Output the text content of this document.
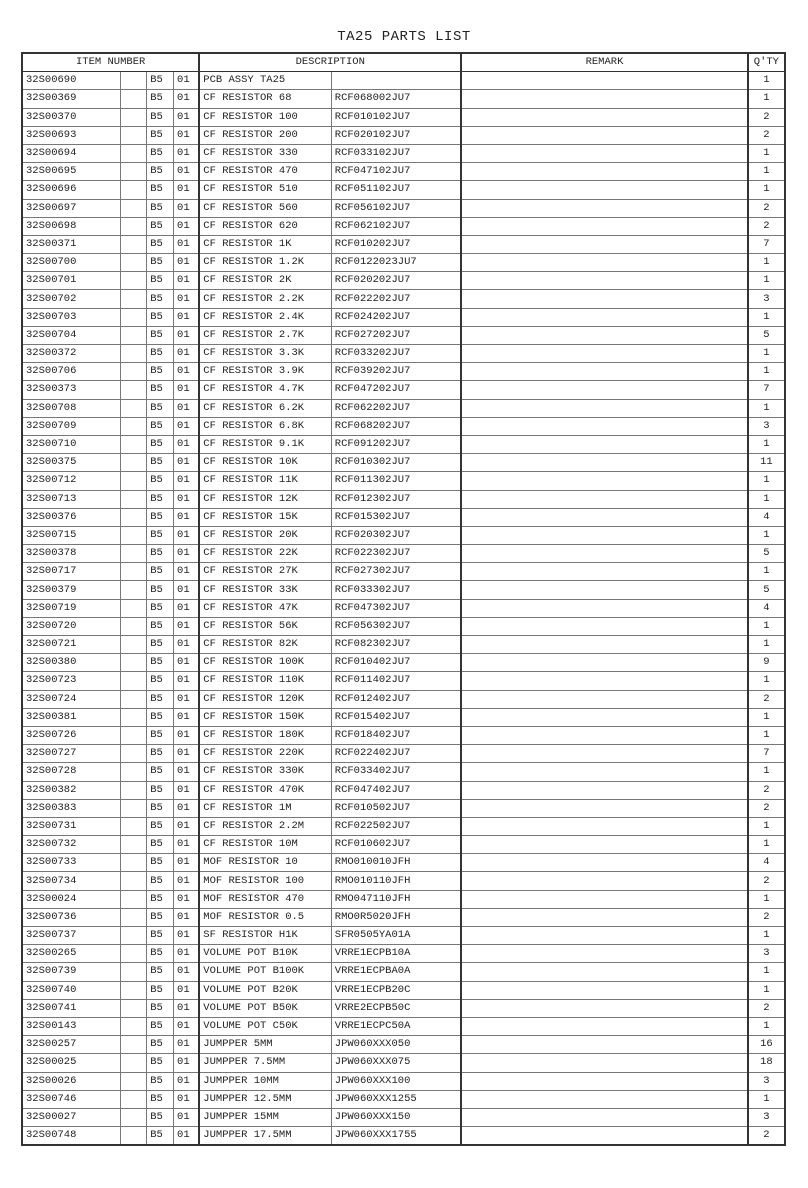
TA25 PARTS LIST
ITEM NUMBER				DESCRIPTION		REMARK	Q'TY
32S00690		B5	01	PCB ASSY TA25			1
32S00369		B5	01	CF RESISTOR 68	RCF068002JU7		1
32S00370		B5	01	CF RESISTOR 100	RCF010102JU7		2
32S00693		B5	01	CF RESISTOR 200	RCF020102JU7		2
32S00694		B5	01	CF RESISTOR 330	RCF033102JU7		1
32S00695		B5	01	CF RESISTOR 470	RCF047102JU7		1
32S00696		B5	01	CF RESISTOR 510	RCF051102JU7		1
32S00697		B5	01	CF RESISTOR 560	RCF056102JU7		2
32S00698		B5	01	CF RESISTOR 620	RCF062102JU7		2
32S00371		B5	01	CF RESISTOR 1K	RCF010202JU7		7
32S00700		B5	01	CF RESISTOR 1.2K	RCF0122023JU7		1
32S00701		B5	01	CF RESISTOR 2K	RCF020202JU7		1
32S00702		B5	01	CF RESISTOR 2.2K	RCF022202JU7		3
32S00703		B5	01	CF RESISTOR 2.4K	RCF024202JU7		1
32S00704		B5	01	CF RESISTOR 2.7K	RCF027202JU7		5
32S00372		B5	01	CF RESISTOR 3.3K	RCF033202JU7		1
32S00706		B5	01	CF RESISTOR 3.9K	RCF039202JU7		1
32S00373		B5	01	CF RESISTOR 4.7K	RCF047202JU7		7
32S00708		B5	01	CF RESISTOR 6.2K	RCF062202JU7		1
32S00709		B5	01	CF RESISTOR 6.8K	RCF068202JU7		3
32S00710		B5	01	CF RESISTOR 9.1K	RCF091202JU7		1
32S00375		B5	01	CF RESISTOR 10K	RCF010302JU7		11
32S00712		B5	01	CF RESISTOR 11K	RCF011302JU7		1
32S00713		B5	01	CF RESISTOR 12K	RCF012302JU7		1
32S00376		B5	01	CF RESISTOR 15K	RCF015302JU7		4
32S00715		B5	01	CF RESISTOR 20K	RCF020302JU7		1
32S00378		B5	01	CF RESISTOR 22K	RCF022302JU7		5
32S00717		B5	01	CF RESISTOR 27K	RCF027302JU7		1
32S00379		B5	01	CF RESISTOR 33K	RCF033302JU7		5
32S00719		B5	01	CF RESISTOR 47K	RCF047302JU7		4
32S00720		B5	01	CF RESISTOR 56K	RCF056302JU7		1
32S00721		B5	01	CF RESISTOR 82K	RCF082302JU7		1
32S00380		B5	01	CF RESISTOR 100K	RCF010402JU7		9
32S00723		B5	01	CF RESISTOR 110K	RCF011402JU7		1
32S00724		B5	01	CF RESISTOR 120K	RCF012402JU7		2
32S00381		B5	01	CF RESISTOR 150K	RCF015402JU7		1
32S00726		B5	01	CF RESISTOR 180K	RCF018402JU7		1
32S00727		B5	01	CF RESISTOR 220K	RCF022402JU7		7
32S00728		B5	01	CF RESISTOR 330K	RCF033402JU7		1
32S00382		B5	01	CF RESISTOR 470K	RCF047402JU7		2
32S00383		B5	01	CF RESISTOR 1M	RCF010502JU7		2
32S00731		B5	01	CF RESISTOR 2.2M	RCF022502JU7		1
32S00732		B5	01	CF RESISTOR 10M	RCF010602JU7		1
32S00733		B5	01	MOF RESISTOR 10	RMO010010JFH		4
32S00734		B5	01	MOF RESISTOR 100	RMO010110JFH		2
32S00024		B5	01	MOF RESISTOR 470	RMO047110JFH		1
32S00736		B5	01	MOF RESISTOR 0.5	RMO0R5020JFH		2
32S00737		B5	01	SF RESISTOR H1K	SFR0505YA01A		1
32S00265		B5	01	VOLUME POT B10K	VRRE1ECPB10A		3
32S00739		B5	01	VOLUME POT B100K	VRRE1ECPBA0A		1
32S00740		B5	01	VOLUME POT B20K	VRRE1ECPB20C		1
32S00741		B5	01	VOLUME POT B50K	VRRE2ECPB50C		2
32S00143		B5	01	VOLUME POT C50K	VRRE1ECPC50A		1
32S00257		B5	01	JUMPPER 5MM	JPW060XXX050		16
32S00025		B5	01	JUMPPER 7.5MM	JPW060XXX075		18
32S00026		B5	01	JUMPPER 10MM	JPW060XXX100		3
32S00746		B5	01	JUMPPER 12.5MM	JPW060XXX1255		1
32S00027		B5	01	JUMPPER 15MM	JPW060XXX150		3
32S00748		B5	01	JUMPPER 17.5MM	JPW060XXX1755		2
